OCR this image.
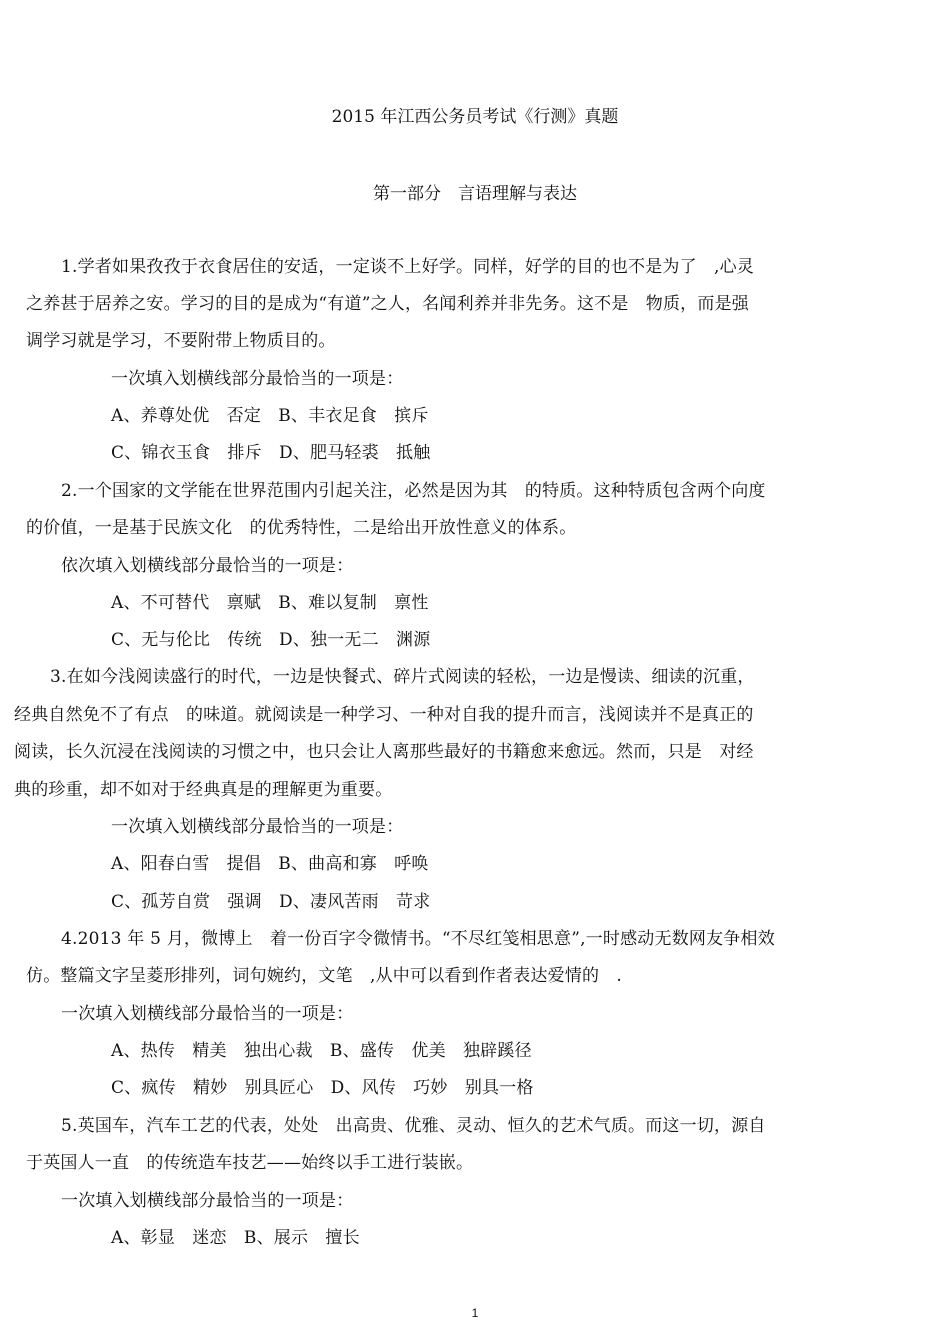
2015 年江西公务员考试《行测》真题
第一部分　言语理解与表达
1.学者如果孜孜于衣食居住的安适，一定谈不上好学。同样，好学的目的也不是为了　,心灵
之养甚于居养之安。学习的目的是成为“有道”之人，名闻利养并非先务。这不是　物质，而是强
调学习就是学习，不要附带上物质目的。
一次填入划横线部分最恰当的一项是：
A、养尊处优　否定　B、丰衣足食　摈斥
C、锦衣玉食　排斥　D、肥马轻裘　抵触
2.一个国家的文学能在世界范围内引起关注，必然是因为其　的特质。这种特质包含两个向度
的价值，一是基于民族文化　的优秀特性，二是给出开放性意义的体系。
依次填入划横线部分最恰当的一项是：
A、不可替代　禀赋　B、难以复制　禀性
C、无与伦比　传统　D、独一无二　渊源
3.在如今浅阅读盛行的时代，一边是快餐式、碎片式阅读的轻松，一边是慢读、细读的沉重，
经典自然免不了有点　的味道。就阅读是一种学习、一种对自我的提升而言，浅阅读并不是真正的
阅读，长久沉浸在浅阅读的习惯之中，也只会让人离那些最好的书籍愈来愈远。然而，只是　对经
典的珍重，却不如对于经典真是的理解更为重要。
一次填入划横线部分最恰当的一项是：
A、阳春白雪　提倡　B、曲高和寡　呼唤
C、孤芳自赏　强调　D、凄风苦雨　苛求
4.2013 年 5 月，微博上　着一份百字令微情书。“不尽红笺相思意”,一时感动无数网友争相效
仿。整篇文字呈菱形排列，词句婉约，文笔　,从中可以看到作者表达爱情的　.
一次填入划横线部分最恰当的一项是：
A、热传　精美　独出心裁　B、盛传　优美　独辟蹊径
C、疯传　精妙　别具匠心　D、风传　巧妙　别具一格
5.英国车，汽车工艺的代表，处处　出高贵、优雅、灵动、恒久的艺术气质。而这一切，源自
于英国人一直　的传统造车技艺——始终以手工进行装嵌。
一次填入划横线部分最恰当的一项是：
A、彰显　迷恋　B、展示　擅长
1
